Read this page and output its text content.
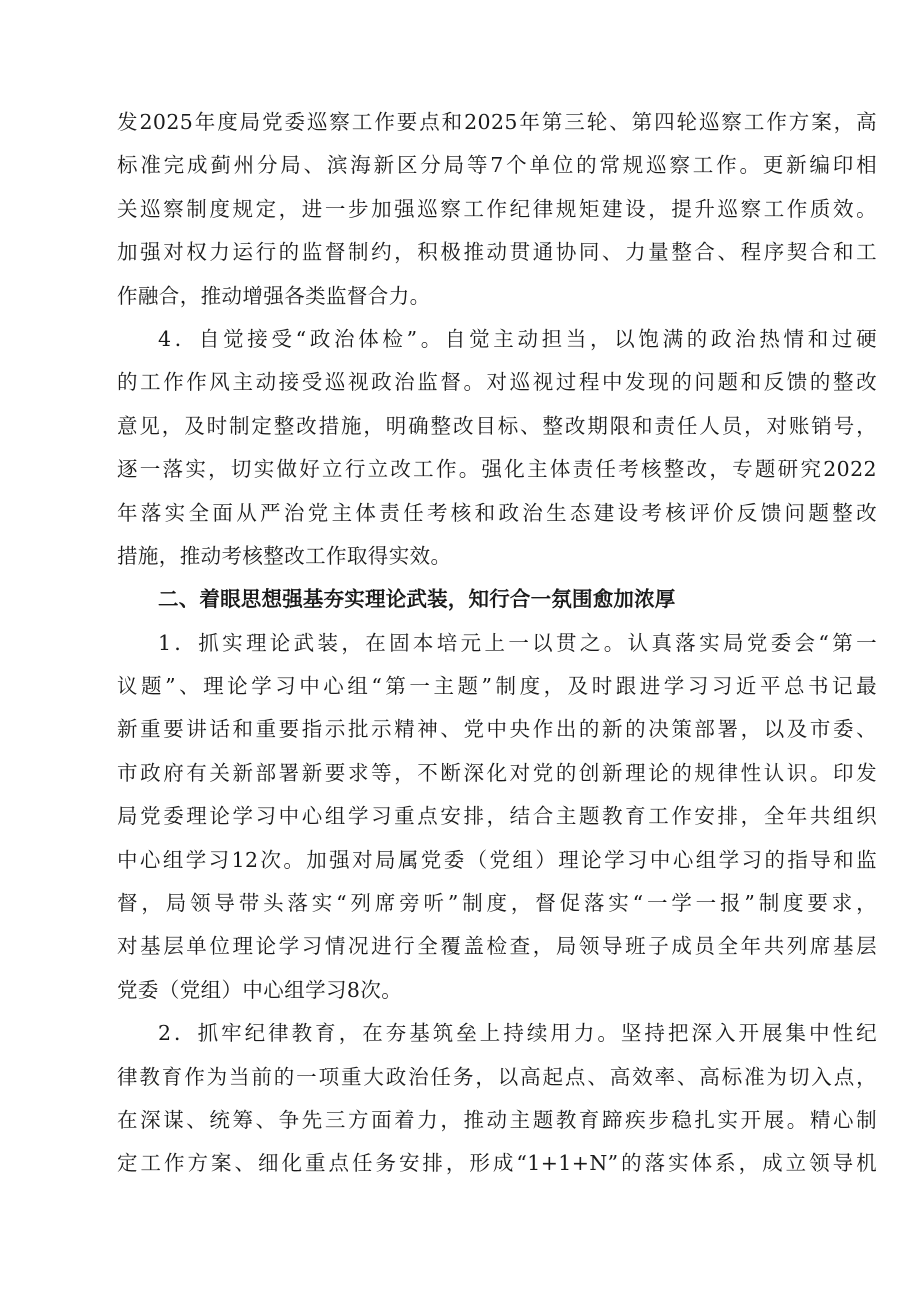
发2025年度局党委巡察工作要点和2025年第三轮、第四轮巡察工作方案，高
标准完成蓟州分局、滨海新区分局等7个单位的常规巡察工作。更新编印相
关巡察制度规定，进一步加强巡察工作纪律规矩建设，提升巡察工作质效。
加强对权力运行的监督制约，积极推动贯通协同、力量整合、程序契合和工
作融合，推动增强各类监督合力。
4．自觉接受“政治体检”。自觉主动担当，以饱满的政治热情和过硬
的工作作风主动接受巡视政治监督。对巡视过程中发现的问题和反馈的整改
意见，及时制定整改措施，明确整改目标、整改期限和责任人员，对账销号，
逐一落实，切实做好立行立改工作。强化主体责任考核整改，专题研究2022
年落实全面从严治党主体责任考核和政治生态建设考核评价反馈问题整改
措施，推动考核整改工作取得实效。
二、着眼思想强基夯实理论武装，知行合一氛围愈加浓厚
1．抓实理论武装，在固本培元上一以贯之。认真落实局党委会“第一
议题”、理论学习中心组“第一主题”制度，及时跟进学习习近平总书记最
新重要讲话和重要指示批示精神、党中央作出的新的决策部署，以及市委、
市政府有关新部署新要求等，不断深化对党的创新理论的规律性认识。印发
局党委理论学习中心组学习重点安排，结合主题教育工作安排，全年共组织
中心组学习12次。加强对局属党委（党组）理论学习中心组学习的指导和监
督，局领导带头落实“列席旁听”制度，督促落实“一学一报”制度要求，
对基层单位理论学习情况进行全覆盖检查，局领导班子成员全年共列席基层
党委（党组）中心组学习8次。
2．抓牢纪律教育，在夯基筑垒上持续用力。坚持把深入开展集中性纪
律教育作为当前的一项重大政治任务，以高起点、高效率、高标准为切入点，
在深谋、统筹、争先三方面着力，推动主题教育蹄疾步稳扎实开展。精心制
定工作方案、细化重点任务安排，形成“1+1+N”的落实体系，成立领导机
